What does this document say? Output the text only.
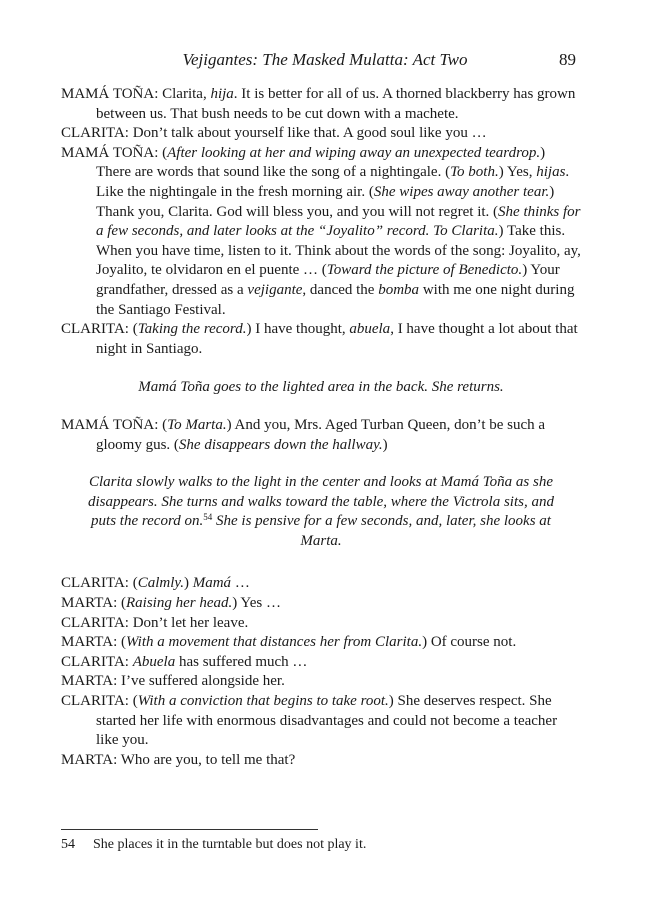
Vejigantes: The Masked Mulatta: Act Two	89

MAMÁ TOÑA: Clarita, hija. It is better for all of us. A thorned blackberry has grown between us. That bush needs to be cut down with a machete.

CLARITA: Don’t talk about yourself like that. A good soul like you …

MAMÁ TOÑA: (After looking at her and wiping away an unexpected teardrop.) There are words that sound like the song of a nightingale. (To both.) Yes, hijas. Like the nightingale in the fresh morning air. (She wipes away another tear.) Thank you, Clarita. God will bless you, and you will not regret it. (She thinks for a few seconds, and later looks at the “Joyalito” record. To Clarita.) Take this. When you have time, listen to it. Think about the words of the song: Joyalito, ay, Joyalito, te olvidaron en el puente … (Toward the picture of Benedicto.) Your grandfather, dressed as a vejigante, danced the bomba with me one night during the Santiago Festival.

CLARITA: (Taking the record.) I have thought, abuela, I have thought a lot about that night in Santiago.

Mamá Toña goes to the lighted area in the back. She returns.

MAMÁ TOÑA: (To Marta.) And you, Mrs. Aged Turban Queen, don’t be such a gloomy gus. (She disappears down the hallway.)

Clarita slowly walks to the light in the center and looks at Mamá Toña as she disappears. She turns and walks toward the table, where the Victrola sits, and puts the record on.$^{54}$ She is pensive for a few seconds, and, later, she looks at Marta.

CLARITA: (Calmly.) Mamá …

MARTA: (Raising her head.) Yes …

CLARITA: Don’t let her leave.

MARTA: (With a movement that distances her from Clarita.) Of course not.

CLARITA: Abuela has suffered much …

MARTA: I’ve suffered alongside her.

CLARITA: (With a conviction that begins to take root.) She deserves respect. She started her life with enormous disadvantages and could not become a teacher like you.

MARTA: Who are you, to tell me that?

54 She places it in the turntable but does not play it.
